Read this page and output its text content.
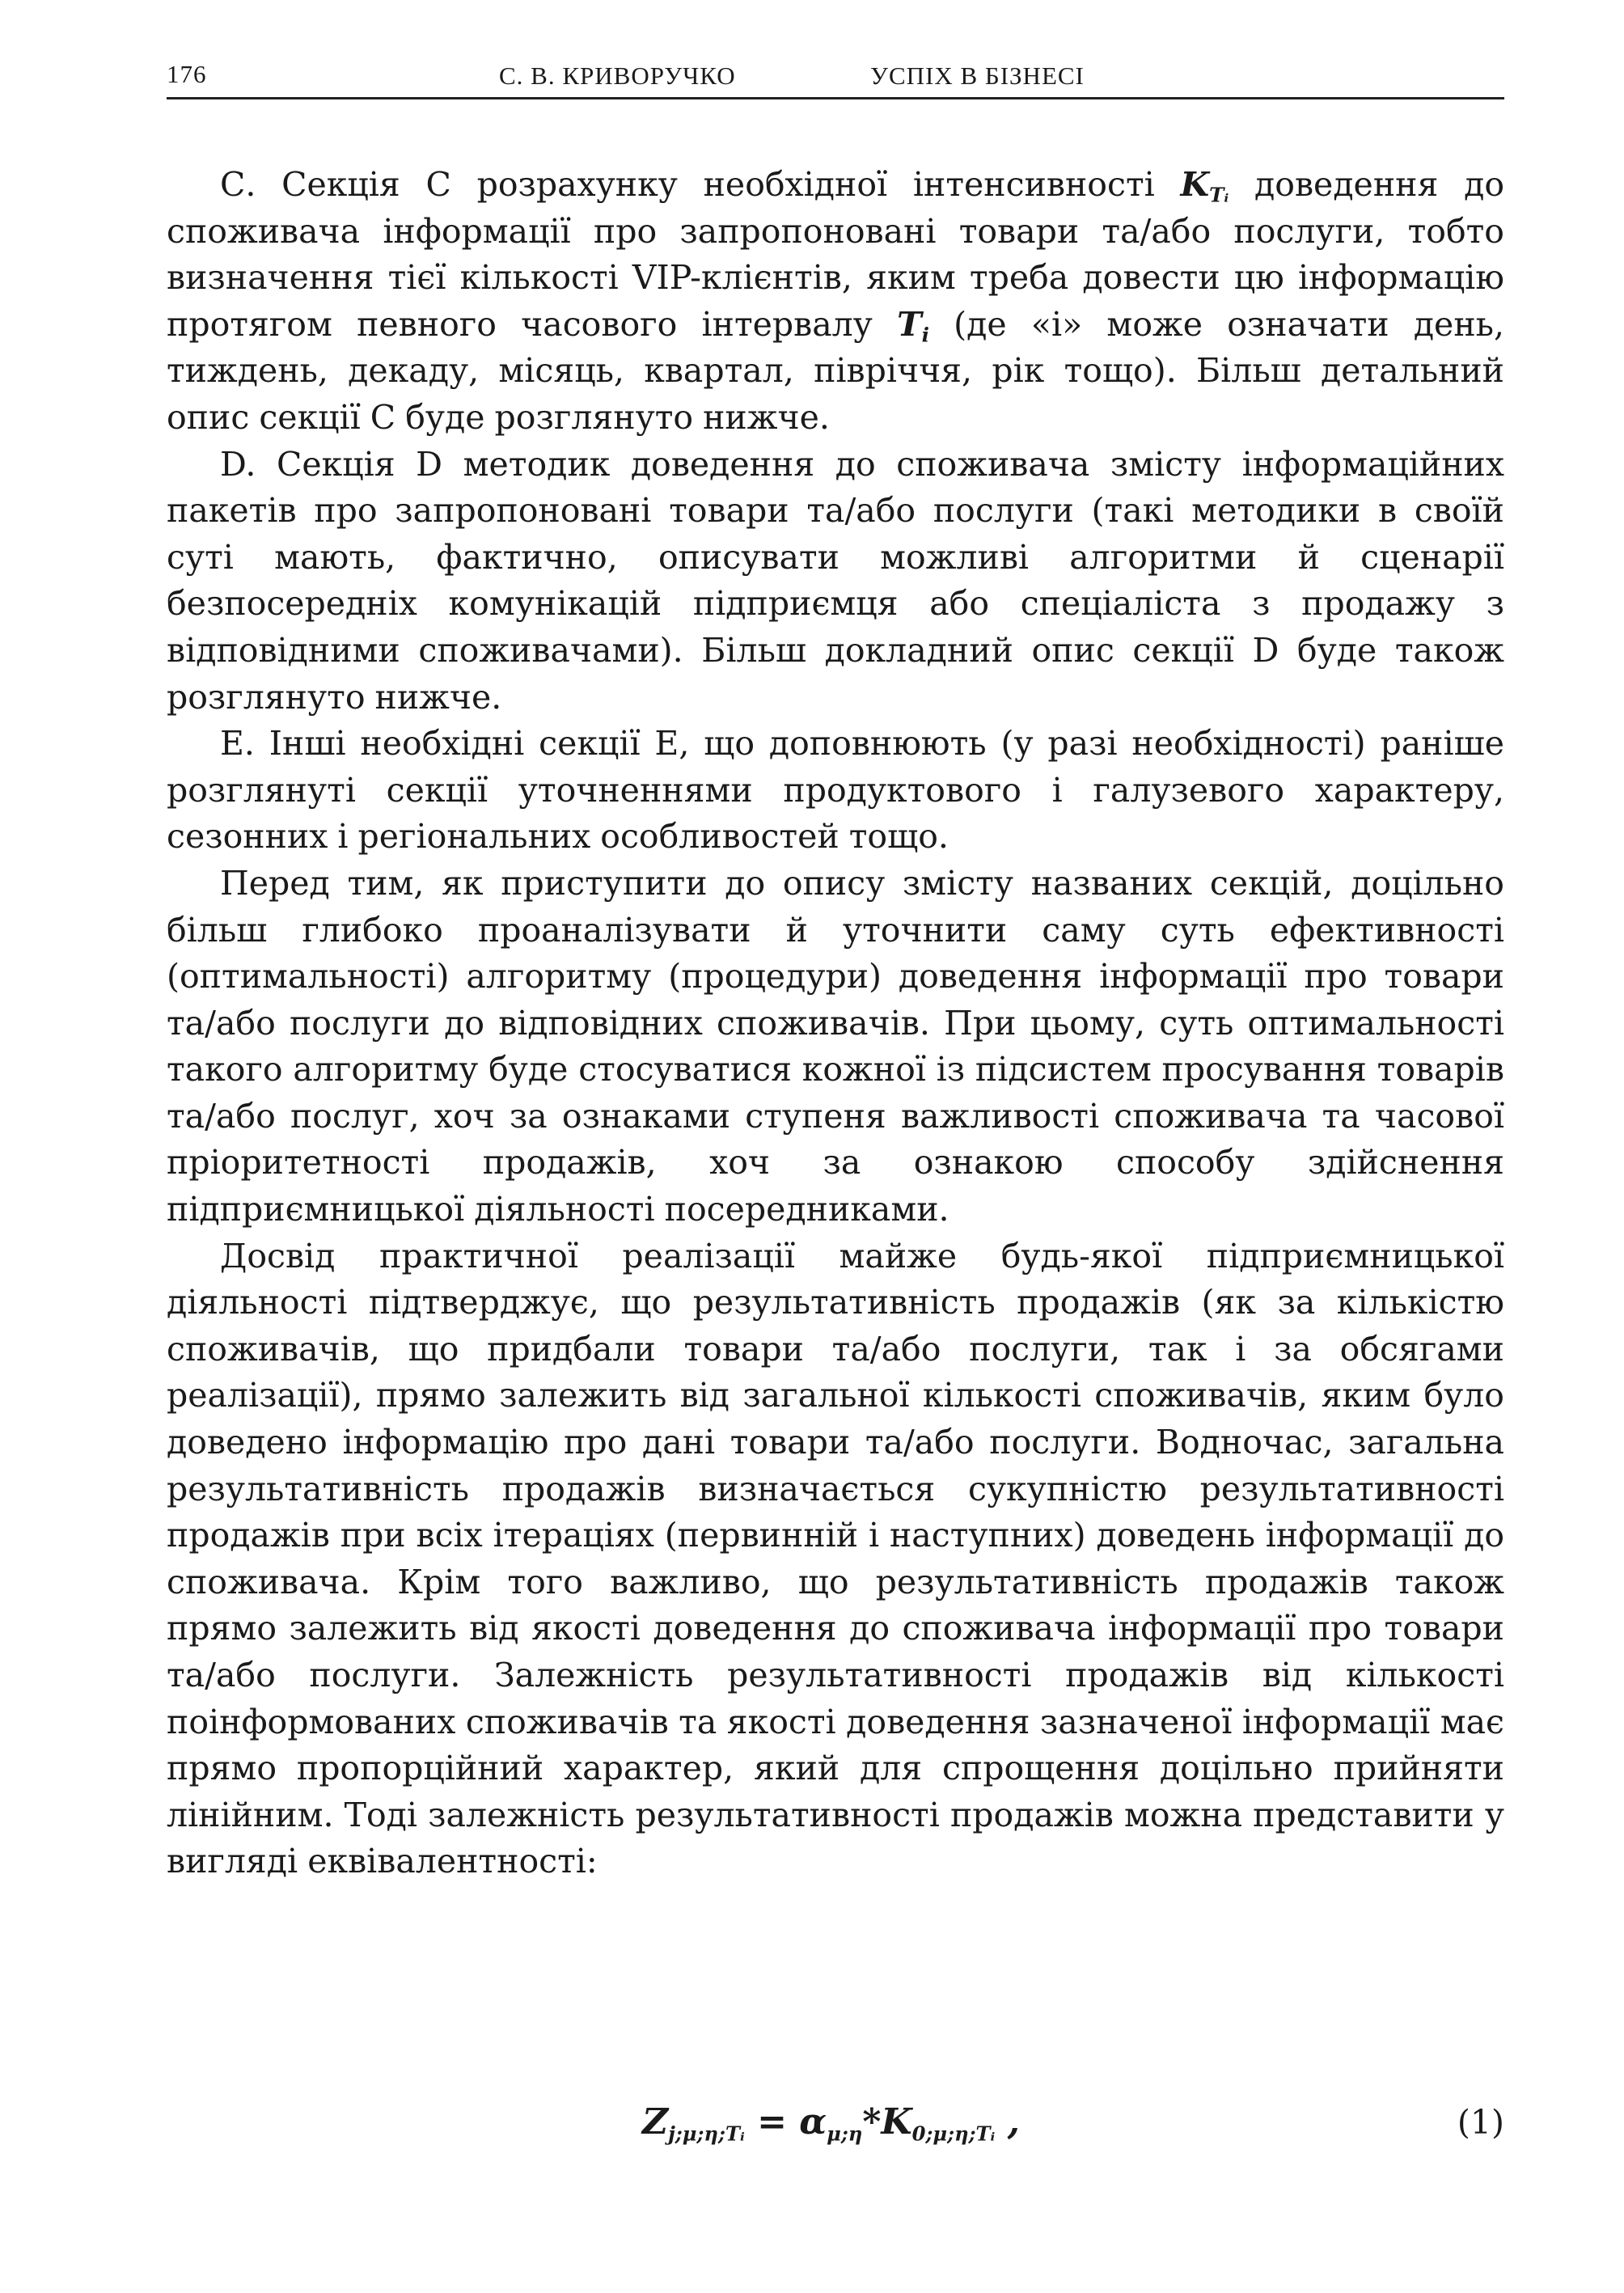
176	С. В. КРИВОРУЧКО	УСПІХ В БІЗНЕСІ

С. Секція С розрахунку необхідної інтенсивності $K_{Tᵢ}$ доведення до споживача інформації про запропоновані товари та/або послуги, тобто визначення тієї кількості VIP-клієнтів, яким треба довести цю інформацію протягом певного часового інтервалу $T_i$ (де «і» може означати день, тиждень, декаду, місяць, квартал, півріччя, рік тощо). Більш детальний опис секції С буде розглянуто нижче.

D. Секція D методик доведення до споживача змісту інформаційних пакетів про запропоновані товари та/або послуги (такі методики в своїй суті мають, фактично, описувати можливі алгоритми й сценарії безпосередніх комунікацій підприємця або спеціаліста з продажу з відповідними споживачами). Більш докладний опис секції D буде також розглянуто нижче.

Е. Інші необхідні секції Е, що доповнюють (у разі необхідності) раніше розглянуті секції уточненнями продуктового і галузевого характеру, сезонних і регіональних особливостей тощо.

Перед тим, як приступити до опису змісту названих секцій, доцільно більш глибоко проаналізувати й уточнити саму суть ефективності (оптимальності) алгоритму (процедури) доведення інформації про товари та/або послуги до відповідних споживачів. При цьому, суть оптимальності такого алгоритму буде стосуватися кожної із підсистем просування товарів та/або послуг, хоч за ознаками ступеня важливості споживача та часової пріоритетності продажів, хоч за ознакою способу здійснення підприємницької діяльності посередниками.

Досвід практичної реалізації майже будь-якої підприємницької діяльності підтверджує, що результативність продажів (як за кількістю споживачів, що придбали товари та/або послуги, так і за обсягами реалізації), прямо залежить від загальної кількості споживачів, яким було доведено інформацію про дані товари та/або послуги. Водночас, загальна результативність продажів визначається сукупністю результативності продажів при всіх ітераціях (первинній і наступних) доведень інформації до споживача. Крім того важливо, що результативність продажів також прямо залежить від якості доведення до споживача інформації про товари та/або послуги. Залежність результативності продажів від кількості поінформованих споживачів та якості доведення зазначеної інформації має прямо пропорційний характер, який для спрощення доцільно прийняти лінійним. Тоді залежність результативності продажів можна представити у вигляді еквівалентності:

$Z_{j;\mu;\eta;Tᵢ} = \alpha_{\mu;\eta}*K_{0;\mu;\eta;Tᵢ}$ ,	(1)
